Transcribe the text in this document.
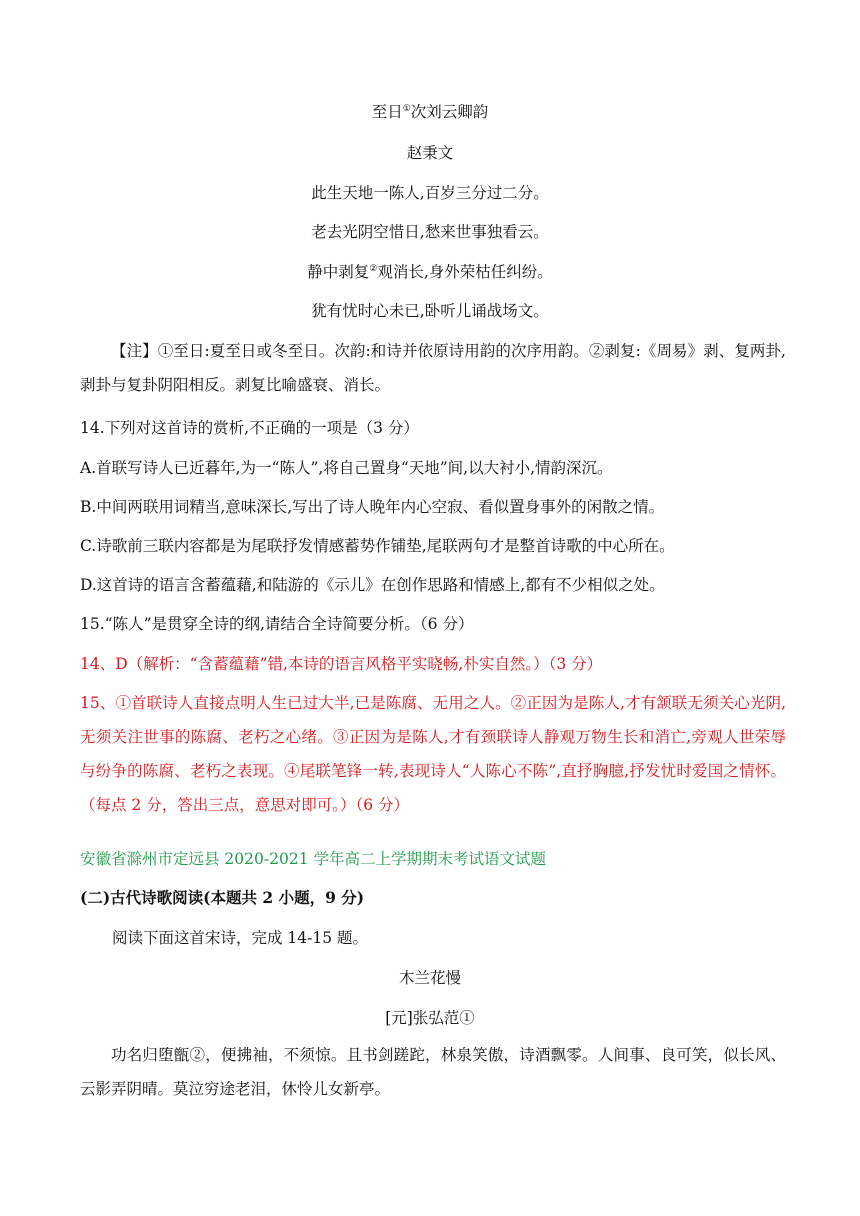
至日①次刘云卿韵
赵秉文
此生天地一陈人,百岁三分过二分。
老去光阴空惜日,愁来世事独看云。
静中剥复②观消长,身外荣枯任纠纷。
犹有忧时心未已,卧听儿诵战场文。
【注】①至日:夏至日或冬至日。次韵:和诗并依原诗用韵的次序用韵。②剥复:《周易》剥、复两卦,剥卦与复卦阴阳相反。剥复比喻盛衰、消长。
14.下列对这首诗的赏析,不正确的一项是（3 分）
A.首联写诗人已近暮年,为一“陈人”,将自己置身“天地”间,以大衬小,情韵深沉。
B.中间两联用词精当,意味深长,写出了诗人晚年内心空寂、看似置身事外的闲散之情。
C.诗歌前三联内容都是为尾联抒发情感蓄势作铺垫,尾联两句才是整首诗歌的中心所在。
D.这首诗的语言含蓄蕴藉,和陆游的《示儿》在创作思路和情感上,都有不少相似之处。
15.“陈人”是贯穿全诗的纲,请结合全诗简要分析。（6 分）
14、D（解析：“含蓄蕴藉”错,本诗的语言风格平实晓畅,朴实自然。）（3 分）
15、①首联诗人直接点明人生已过大半,已是陈腐、无用之人。②正因为是陈人,才有颔联无须关心光阴,无须关注世事的陈腐、老朽之心绪。③正因为是陈人,才有颈联诗人静观万物生长和消亡,旁观人世荣辱与纷争的陈腐、老朽之表现。④尾联笔锋一转,表现诗人“人陈心不陈”,直抒胸臆,抒发忧时爱国之情怀。（每点 2 分，答出三点，意思对即可。）（6 分）
安徽省滁州市定远县 2020-2021 学年高二上学期期末考试语文试题
(二)古代诗歌阅读(本题共 2 小题，9 分)
阅读下面这首宋诗，完成 14-15 题。
木兰花慢
[元]张弘范①
功名归堕甑②，便拂袖，不须惊。且书剑蹉跎，林泉笑傲，诗酒飘零。人间事、良可笑，似长风、云影弄阴晴。莫泣穷途老泪，休怜儿女新亭。
